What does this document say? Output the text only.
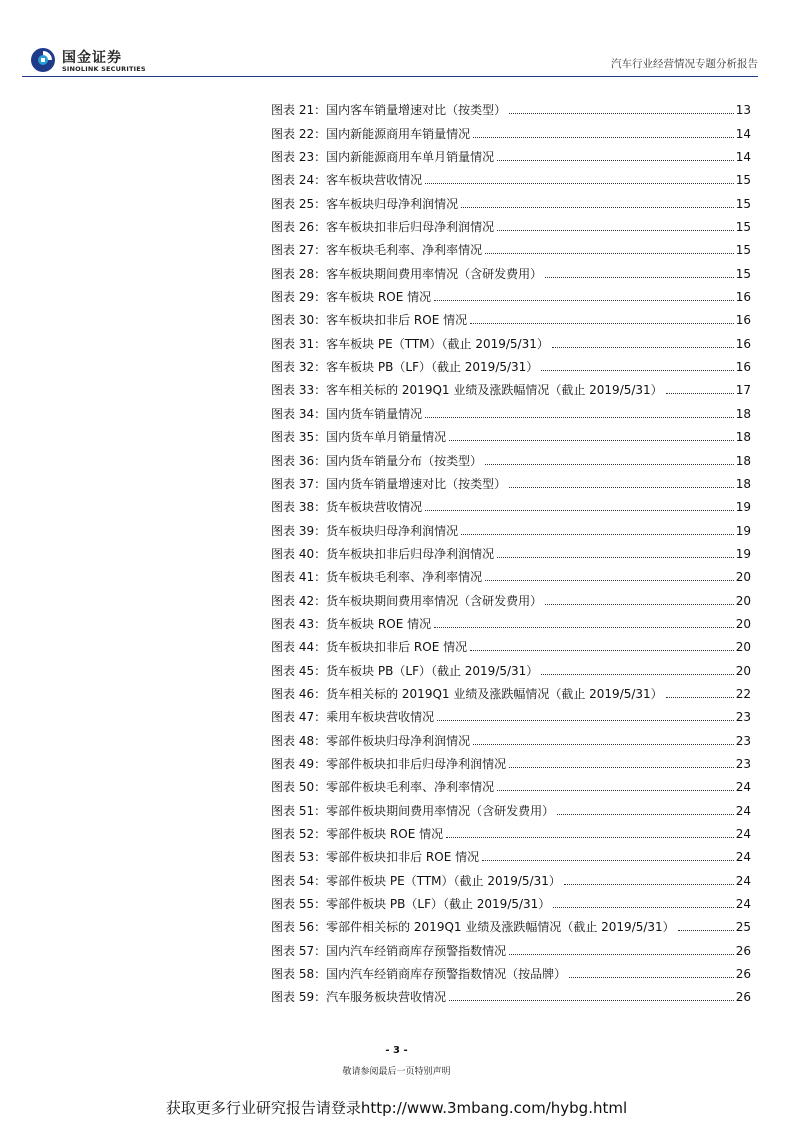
国金证券
SINOLINK SECURITIES	汽车行业经营情况专题分析报告
图表 21： 国内客车销量增速对比（按类型）	13
图表 22： 国内新能源商用车销量情况	14
图表 23： 国内新能源商用车单月销量情况	14
图表 24： 客车板块营收情况	15
图表 25： 客车板块归母净利润情况	15
图表 26： 客车板块扣非后归母净利润情况	15
图表 27： 客车板块毛利率、净利率情况	15
图表 28： 客车板块期间费用率情况（含研发费用）	15
图表 29： 客车板块 ROE 情况	16
图表 30： 客车板块扣非后 ROE 情况	16
图表 31： 客车板块 PE（TTM）（截止 2019/5/31）	16
图表 32： 客车板块 PB（LF）（截止 2019/5/31）	16
图表 33： 客车相关标的 2019Q1 业绩及涨跌幅情况（截止 2019/5/31）	17
图表 34： 国内货车销量情况	18
图表 35： 国内货车单月销量情况	18
图表 36： 国内货车销量分布（按类型）	18
图表 37： 国内货车销量增速对比（按类型）	18
图表 38： 货车板块营收情况	19
图表 39： 货车板块归母净利润情况	19
图表 40： 货车板块扣非后归母净利润情况	19
图表 41： 货车板块毛利率、净利率情况	20
图表 42： 货车板块期间费用率情况（含研发费用）	20
图表 43： 货车板块 ROE 情况	20
图表 44： 货车板块扣非后 ROE 情况	20
图表 45： 货车板块 PB（LF）（截止 2019/5/31）	20
图表 46： 货车相关标的 2019Q1 业绩及涨跌幅情况（截止 2019/5/31）	22
图表 47： 乘用车板块营收情况	23
图表 48： 零部件板块归母净利润情况	23
图表 49： 零部件板块扣非后归母净利润情况	23
图表 50： 零部件板块毛利率、净利率情况	24
图表 51： 零部件板块期间费用率情况（含研发费用）	24
图表 52： 零部件板块 ROE 情况	24
图表 53： 零部件板块扣非后 ROE 情况	24
图表 54： 零部件板块 PE（TTM）（截止 2019/5/31）	24
图表 55： 零部件板块 PB（LF）（截止 2019/5/31）	24
图表 56： 零部件相关标的 2019Q1 业绩及涨跌幅情况（截止 2019/5/31）	25
图表 57： 国内汽车经销商库存预警指数情况	26
图表 58： 国内汽车经销商库存预警指数情况（按品牌）	26
图表 59： 汽车服务板块营收情况	26
- 3 -
敬请参阅最后一页特别声明
获取更多行业研究报告请登录http://www.3mbang.com/hybg.html
